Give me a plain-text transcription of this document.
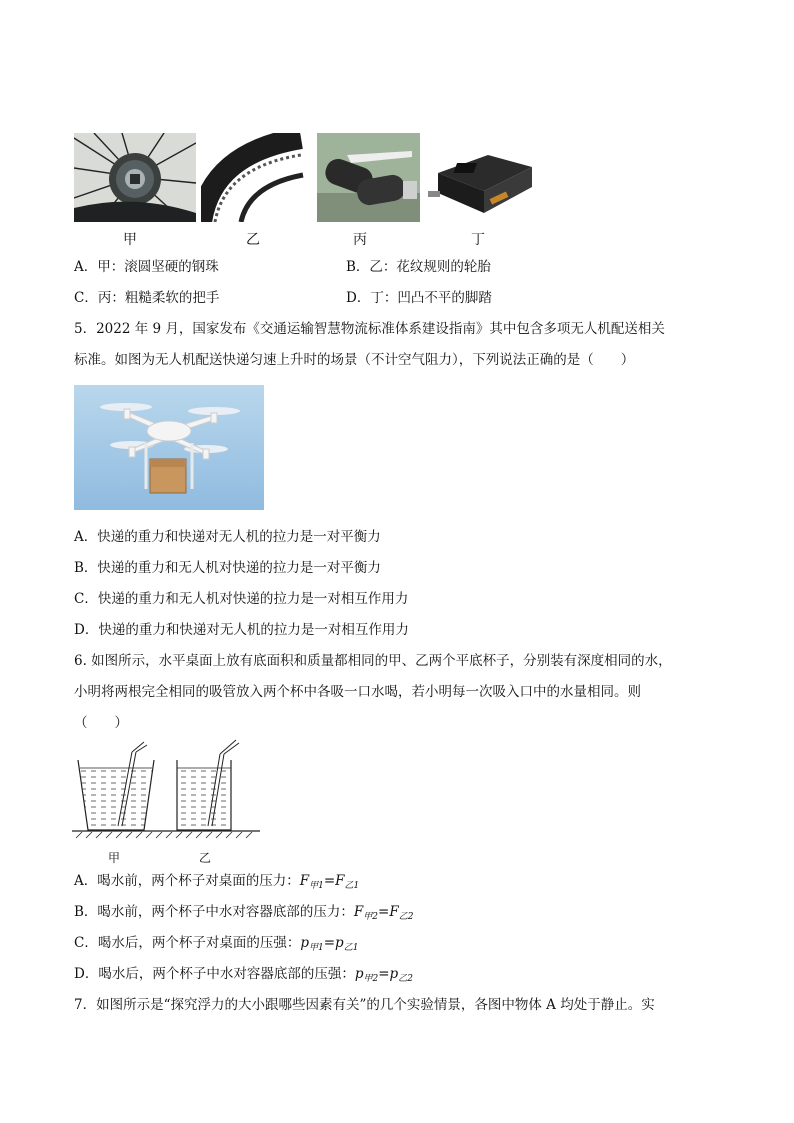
甲	乙	丙	丁
A．甲：滚圆坚硬的钢珠	B．乙：花纹规则的轮胎
C．丙：粗糙柔软的把手	D．丁：凹凸不平的脚踏
5．2022 年 9 月，国家发布《交通运输智慧物流标准体系建设指南》其中包含多项无人机配送相关
标准。如图为无人机配送快递匀速上升时的场景（不计空气阻力），下列说法正确的是（　　）
A．快递的重力和快递对无人机的拉力是一对平衡力
B．快递的重力和无人机对快递的拉力是一对平衡力
C．快递的重力和无人机对快递的拉力是一对相互作用力
D．快递的重力和快递对无人机的拉力是一对相互作用力
6. 如图所示，水平桌面上放有底面积和质量都相同的甲、乙两个平底杯子，分别装有深度相同的水，
小明将两根完全相同的吸管放入两个杯中各吸一口水喝，若小明每一次吸入口中的水量相同。则
（　　）
甲	乙
A．喝水前，两个杯子对桌面的压力：$F_{甲1}=F_{乙1}$
B．喝水前，两个杯子中水对容器底部的压力：$F_{甲2}=F_{乙2}$
C．喝水后，两个杯子对桌面的压强：$p_{甲1}=p_{乙1}$
D．喝水后，两个杯子中水对容器底部的压强：$p_{甲2}=p_{乙2}$
7．如图所示是“探究浮力的大小跟哪些因素有关”的几个实验情景，各图中物体 A 均处于静止。实
